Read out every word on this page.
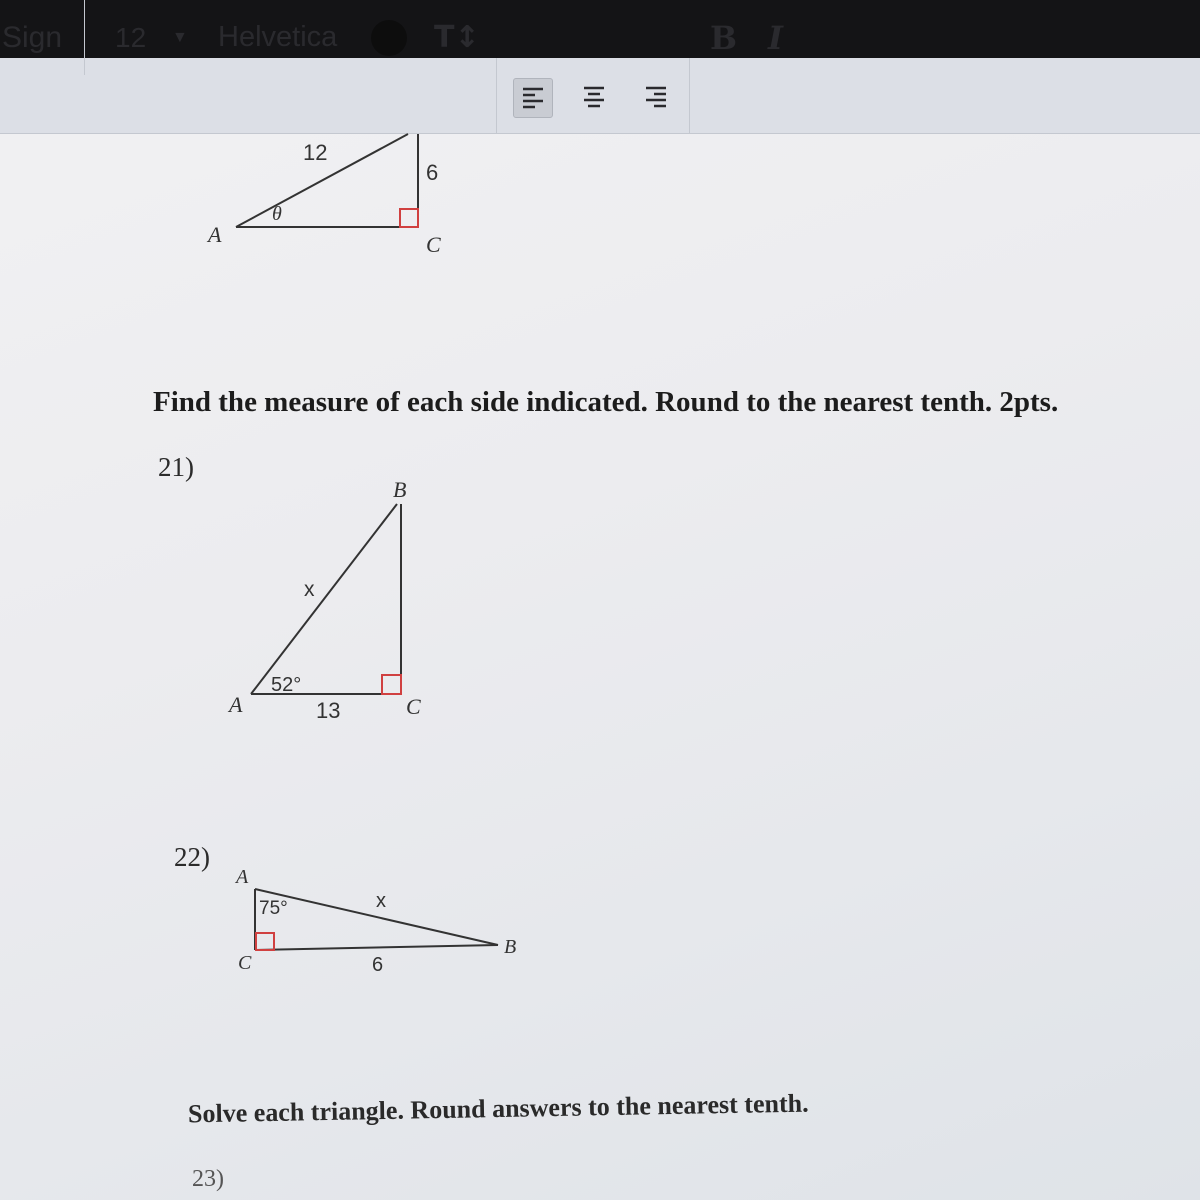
Sign 12 ▼ Helvetica	T↕	B I
12
6
θ
A	C
Find the measure of each side indicated. Round to the nearest tenth. 2pts.
21)
B
x
52°
A	13	C
22)
A
75°	x
B
C	6
Solve each triangle. Round answers to the nearest tenth.
23)
